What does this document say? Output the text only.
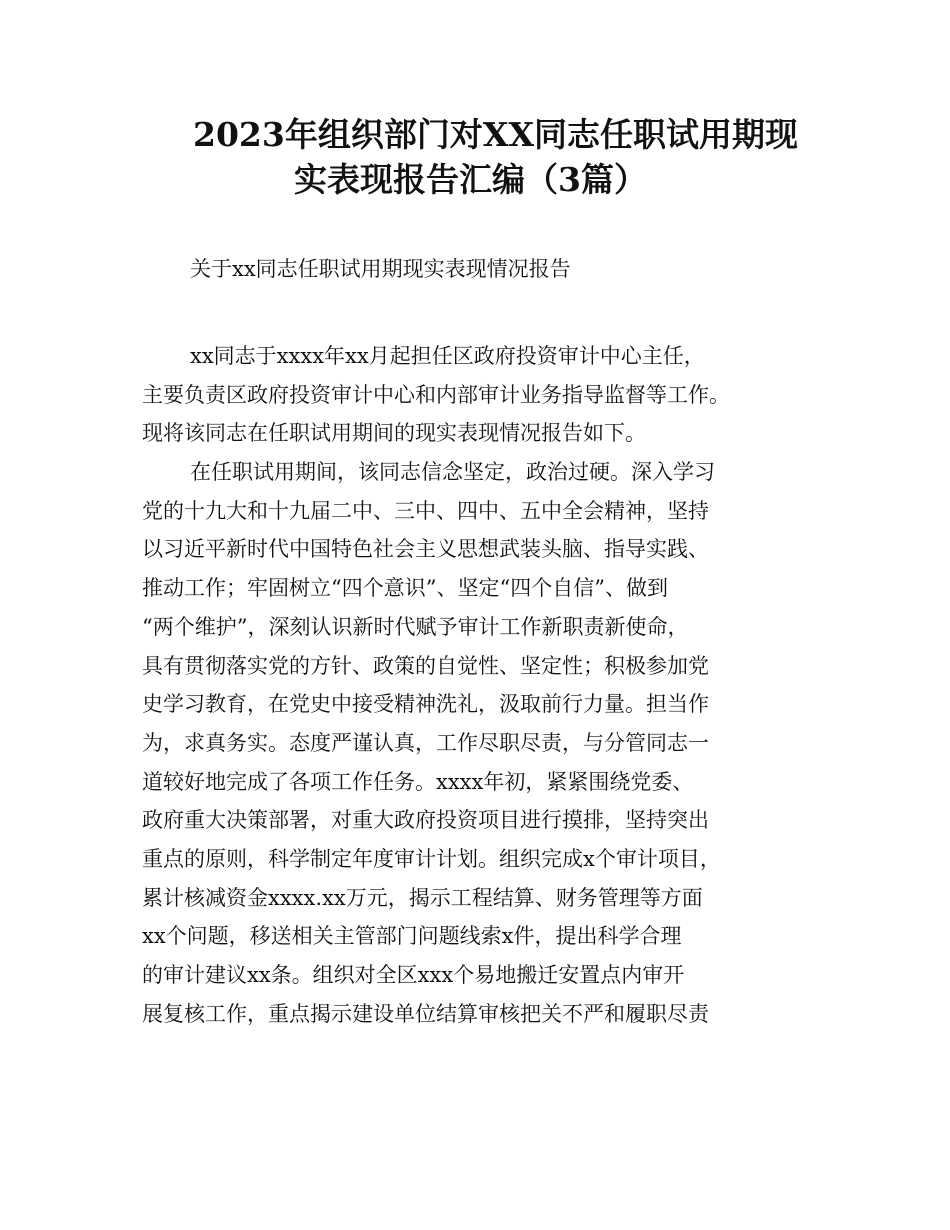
2023年组织部门对XX同志任职试用期现
实表现报告汇编（3篇）
关于xx同志任职试用期现实表现情况报告
xx同志于xxxx年xx月起担任区政府投资审计中心主任，
主要负责区政府投资审计中心和内部审计业务指导监督等工作。
现将该同志在任职试用期间的现实表现情况报告如下。
在任职试用期间，该同志信念坚定，政治过硬。深入学习
党的十九大和十九届二中、三中、四中、五中全会精神，坚持
以习近平新时代中国特色社会主义思想武装头脑、指导实践、
推动工作；牢固树立“四个意识”、坚定“四个自信”、做到
“两个维护”，深刻认识新时代赋予审计工作新职责新使命，
具有贯彻落实党的方针、政策的自觉性、坚定性；积极参加党
史学习教育，在党史中接受精神洗礼，汲取前行力量。担当作
为，求真务实。态度严谨认真，工作尽职尽责，与分管同志一
道较好地完成了各项工作任务。xxxx年初，紧紧围绕党委、
政府重大决策部署，对重大政府投资项目进行摸排，坚持突出
重点的原则，科学制定年度审计计划。组织完成x个审计项目，
累计核减资金xxxx.xx万元，揭示工程结算、财务管理等方面
xx个问题，移送相关主管部门问题线索x件，提出科学合理
的审计建议xx条。组织对全区xxx个易地搬迁安置点内审开
展复核工作，重点揭示建设单位结算审核把关不严和履职尽责
